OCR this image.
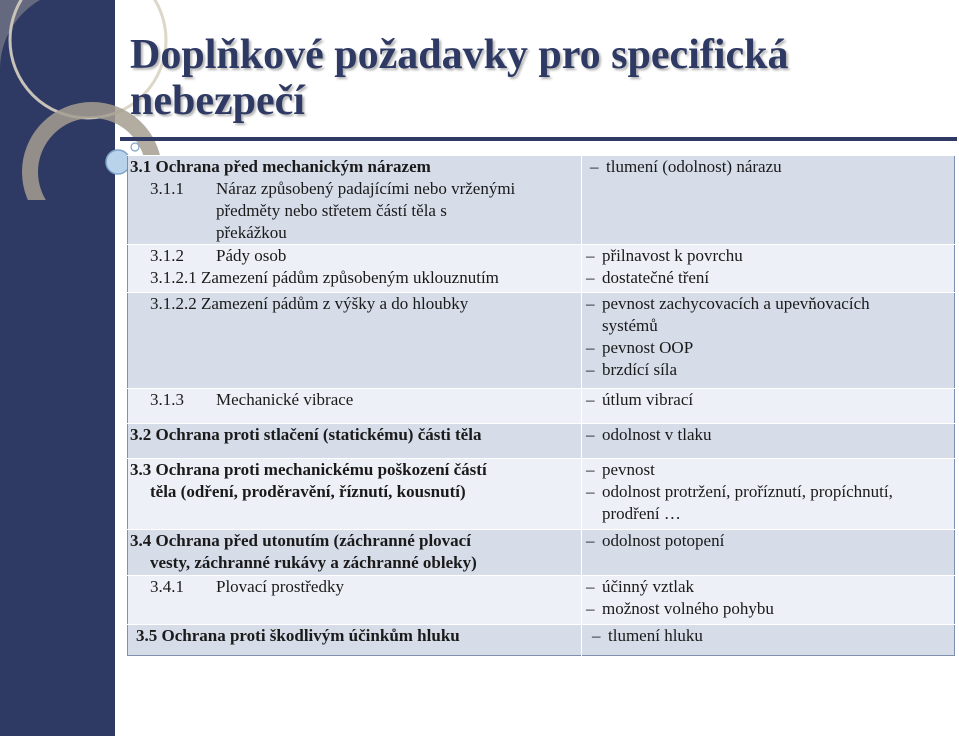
Doplňkové požadavky pro specifická nebezpečí
3.1 Ochrana před mechanickým nárazem
3.1.1 Náraz způsobený padajícími nebo vrženými
předměty nebo střetem částí těla s
překážkou	– tlumení (odolnost) nárazu

3.1.2 Pády osob
3.1.2.1 Zamezení pádům způsobeným uklouznutím	– přilnavost k povrchu
– dostatečné tření

3.1.2.2 Zamezení pádům z výšky a do hloubky	– pevnost zachycovacích a upevňovacích
systémů
– pevnost OOP
– brzdící síla

3.1.3 Mechanické vibrace	– útlum vibrací

3.2 Ochrana proti stlačení (statickému) části těla	– odolnost v tlaku

3.3 Ochrana proti mechanickému poškození částí
těla (odření, proděravění, říznutí, kousnutí)	– pevnost
– odolnost protržení, proříznutí, propíchnutí,
prodření …

3.4 Ochrana před utonutím (záchranné plovací
vesty, záchranné rukávy a záchranné obleky)	– odolnost potopení

3.4.1 Plovací prostředky	– účinný vztlak
– možnost volného pohybu

3.5 Ochrana proti škodlivým účinkům hluku	– tlumení hluku
